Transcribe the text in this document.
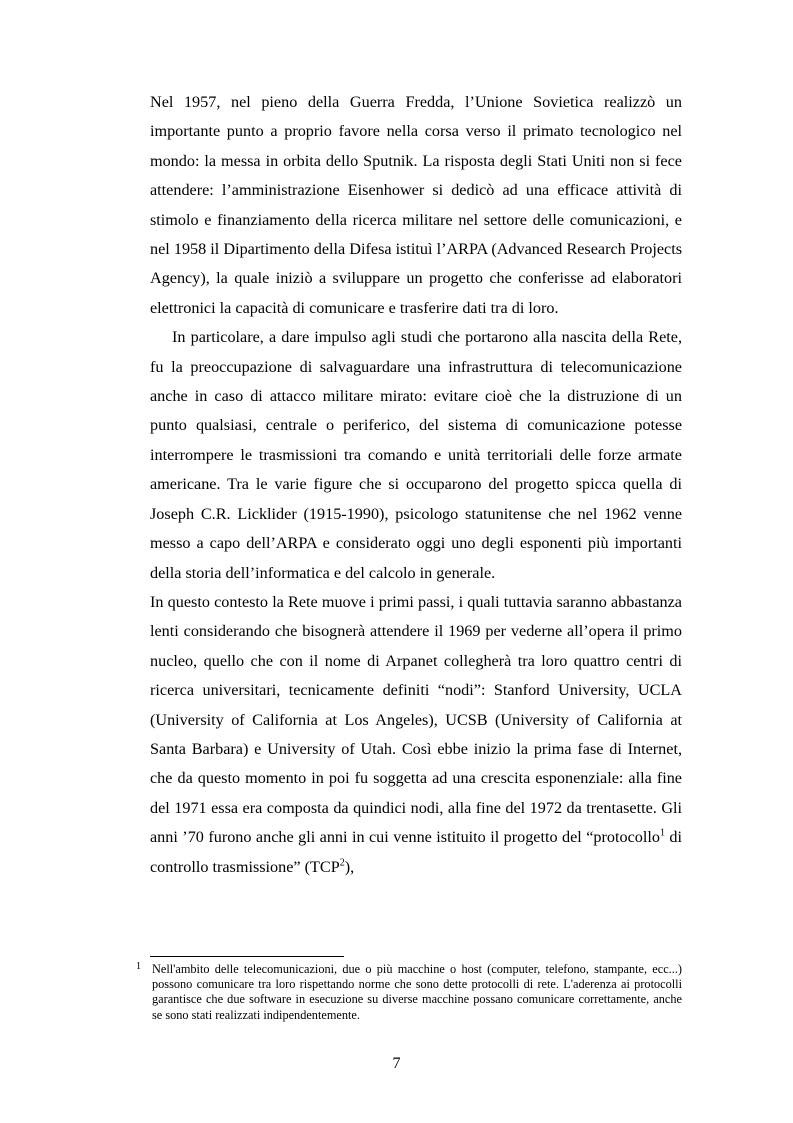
Nel 1957, nel pieno della Guerra Fredda, l’Unione Sovietica realizzò un importante punto a proprio favore nella corsa verso il primato tecnologico nel mondo: la messa in orbita dello Sputnik. La risposta degli Stati Uniti non si fece attendere: l’amministrazione Eisenhower si dedicò ad una efficace attività di stimolo e finanziamento della ricerca militare nel settore delle comunicazioni, e nel 1958 il Dipartimento della Difesa istituì l’ARPA (Advanced Research Projects Agency), la quale iniziò a sviluppare un progetto che conferisse ad elaboratori elettronici la capacità di comunicare e trasferire dati tra di loro.

In particolare, a dare impulso agli studi che portarono alla nascita della Rete, fu la preoccupazione di salvaguardare una infrastruttura di telecomunicazione anche in caso di attacco militare mirato: evitare cioè che la distruzione di un punto qualsiasi, centrale o periferico, del sistema di comunicazione potesse interrompere le trasmissioni tra comando e unità territoriali delle forze armate americane. Tra le varie figure che si occuparono del progetto spicca quella di Joseph C.R. Licklider (1915-1990), psicologo statunitense che nel 1962 venne messo a capo dell’ARPA e considerato oggi uno degli esponenti più importanti della storia dell’informatica e del calcolo in generale.

In questo contesto la Rete muove i primi passi, i quali tuttavia saranno abbastanza lenti considerando che bisognerà attendere il 1969 per vederne all’opera il primo nucleo, quello che con il nome di Arpanet collegherà tra loro quattro centri di ricerca universitari, tecnicamente definiti “nodi”: Stanford University, UCLA (University of California at Los Angeles), UCSB (University of California at Santa Barbara) e University of Utah. Così ebbe inizio la prima fase di Internet, che da questo momento in poi fu soggetta ad una crescita esponenziale: alla fine del 1971 essa era composta da quindici nodi, alla fine del 1972 da trentasette. Gli anni ’70 furono anche gli anni in cui venne istituito il progetto del “protocollo$^1$ di controllo trasmissione” (TCP$^2$),

1 Nell'ambito delle telecomunicazioni, due o più macchine o host (computer, telefono, stampante, ecc...) possono comunicare tra loro rispettando norme che sono dette protocolli di rete. L'aderenza ai protocolli garantisce che due software in esecuzione su diverse macchine possano comunicare correttamente, anche se sono stati realizzati indipendentemente.
7
